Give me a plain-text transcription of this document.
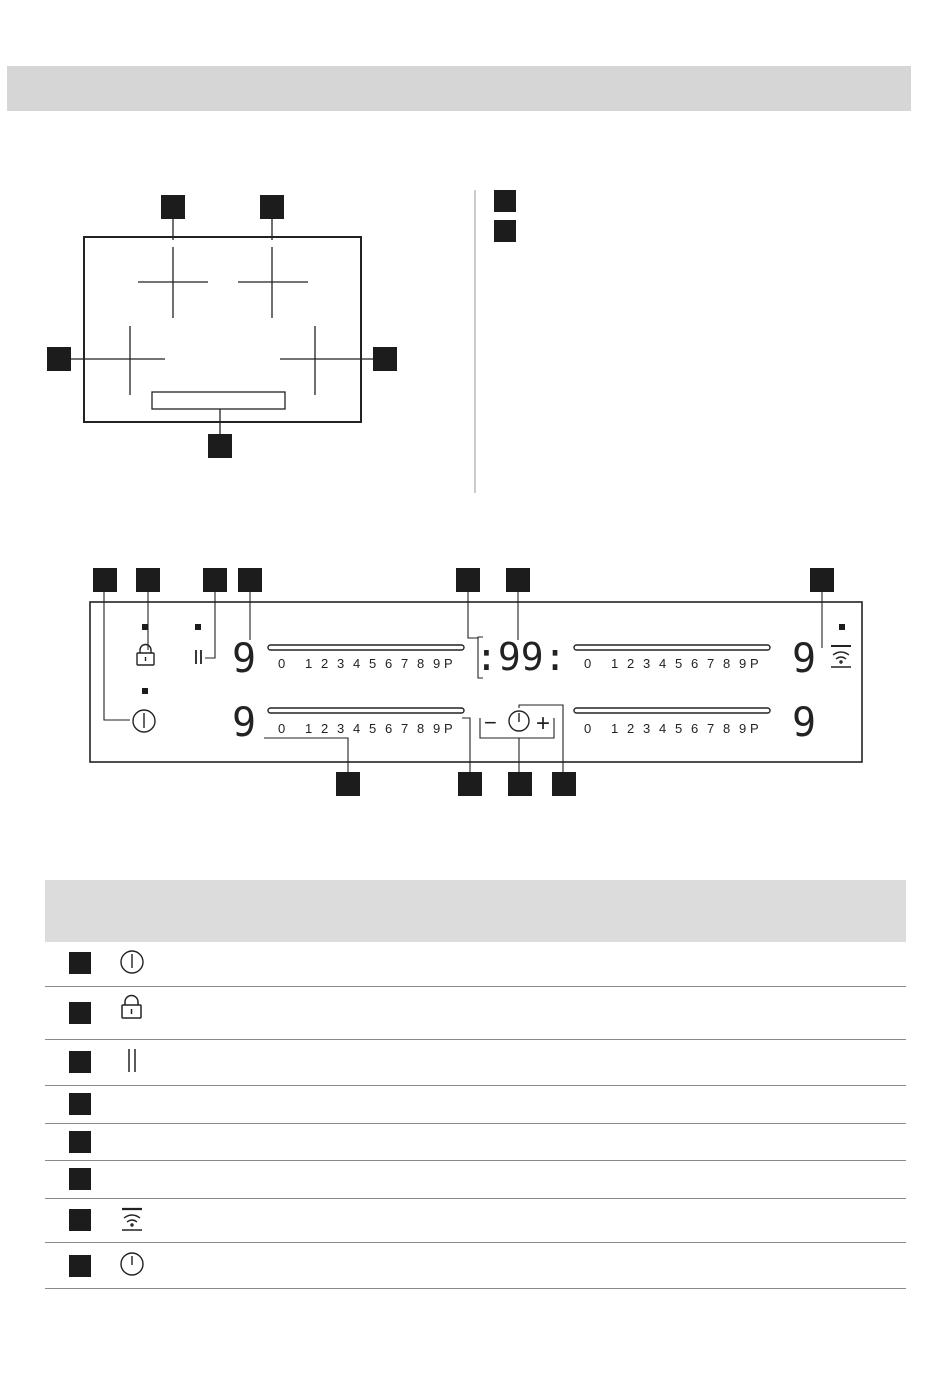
0 1 2 3 4 5 6 7 8 9 P	0 1 2 3 4 5 6 7 8 9 P
0 1 2 3 4 5 6 7 8 9 P	0 1 2 3 4 5 6 7 8 9 P
9	9
9	9
:99:
− +
